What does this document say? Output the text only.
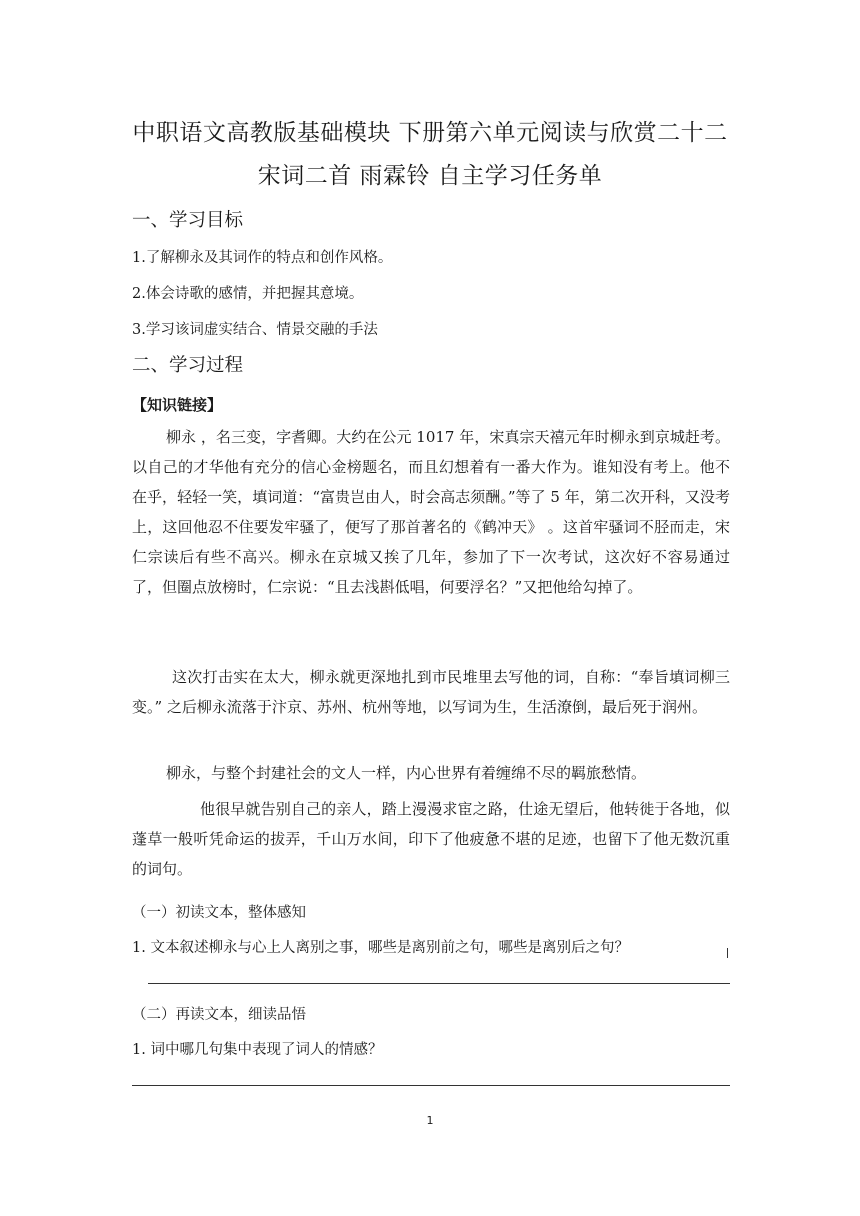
中职语文高教版基础模块 下册第六单元阅读与欣赏二十二
宋词二首 雨霖铃 自主学习任务单
一、学习目标
1.了解柳永及其词作的特点和创作风格。
2.体会诗歌的感情，并把握其意境。
3.学习该词虚实结合、情景交融的手法
二、学习过程
【知识链接】
柳永 ，名三变，字耆卿。大约在公元 1017 年，宋真宗天禧元年时柳永到京城赶考。以自己的才华他有充分的信心金榜题名，而且幻想着有一番大作为。谁知没有考上。他不在乎，轻轻一笑，填词道：“富贵岂由人，时会高志须酬。”等了 5 年，第二次开科，又没考上，这回他忍不住要发牢骚了，便写了那首著名的《鹤冲天》 。这首牢骚词不胫而走，宋仁宗读后有些不高兴。柳永在京城又挨了几年，参加了下一次考试，这次好不容易通过了，但圈点放榜时，仁宗说：“且去浅斟低唱，何要浮名？”又把他给勾掉了。
这次打击实在太大，柳永就更深地扎到市民堆里去写他的词，自称：“奉旨填词柳三变。” 之后柳永流落于汴京、苏州、杭州等地，以写词为生，生活潦倒，最后死于润州。
柳永，与整个封建社会的文人一样，内心世界有着缠绵不尽的羁旅愁情。
他很早就告别自己的亲人，踏上漫漫求宦之路，仕途无望后，他转徙于各地，似蓬草一般听凭命运的拔弄，千山万水间，印下了他疲惫不堪的足迹，也留下了他无数沉重的词句。
（一）初读文本，整体感知
1. 文本叙述柳永与心上人离别之事，哪些是离别前之句，哪些是离别后之句？
（二）再读文本，细读品悟
1. 词中哪几句集中表现了词人的情感？
1
